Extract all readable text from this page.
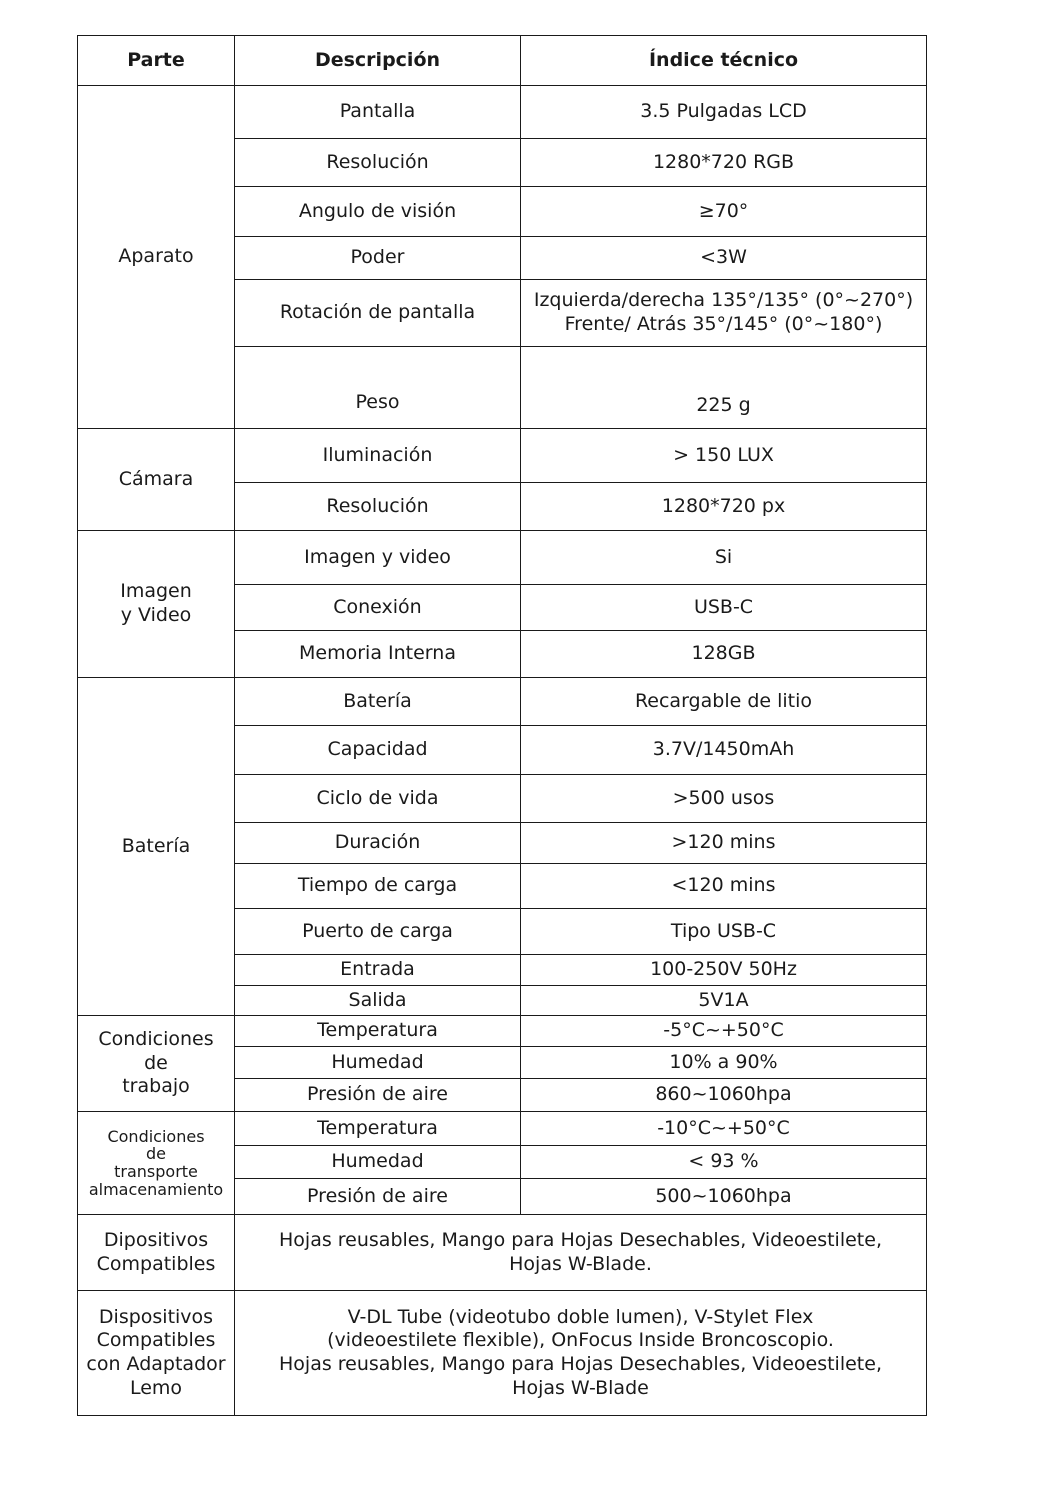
Parte	Descripción	Índice técnico
Aparato	Pantalla	3.5 Pulgadas LCD
	Resolución	1280*720 RGB
	Angulo de visión	≥70°
	Poder	<3W
	Rotación de pantalla	Izquierda/derecha 135°/135° (0°~270°)
Frente/ Atrás 35°/145° (0°~180°)

	Peso	225 g
Cámara	Iluminación	> 150 LUX
	Resolución	1280*720 px

Imagen
y Video	Imagen y video	Si
	Conexión	USB-C
	Memoria Interna	128GB
Batería	Batería	Recargable de litio
	Capacidad	3.7V/1450mAh
	Ciclo de vida	>500 usos
	Duración	>120 mins
	Tiempo de carga	<120 mins
	Puerto de carga	Tipo USB-C
	Entrada	100-250V 50Hz
	Salida	5V1A

Condiciones
de
trabajo	Temperatura	-5°C~+50°C
	Humedad	10% a 90%
	Presión de aire	860~1060hpa

Condiciones
de
transporte
almacenamiento	Temperatura	-10°C~+50°C
	Humedad	< 93 %
	Presión de aire	500~1060hpa

Dipositivos
Compatibles	Hojas reusables, Mango para Hojas Desechables, Videoestilete,
Hojas W-Blade.	

Dispositivos
Compatibles
con Adaptador
Lemo	V-DL Tube (videotubo doble lumen), V-Stylet Flex
(videoestilete flexible), OnFocus Inside Broncoscopio.
Hojas reusables, Mango para Hojas Desechables, Videoestilete,
Hojas W-Blade	
